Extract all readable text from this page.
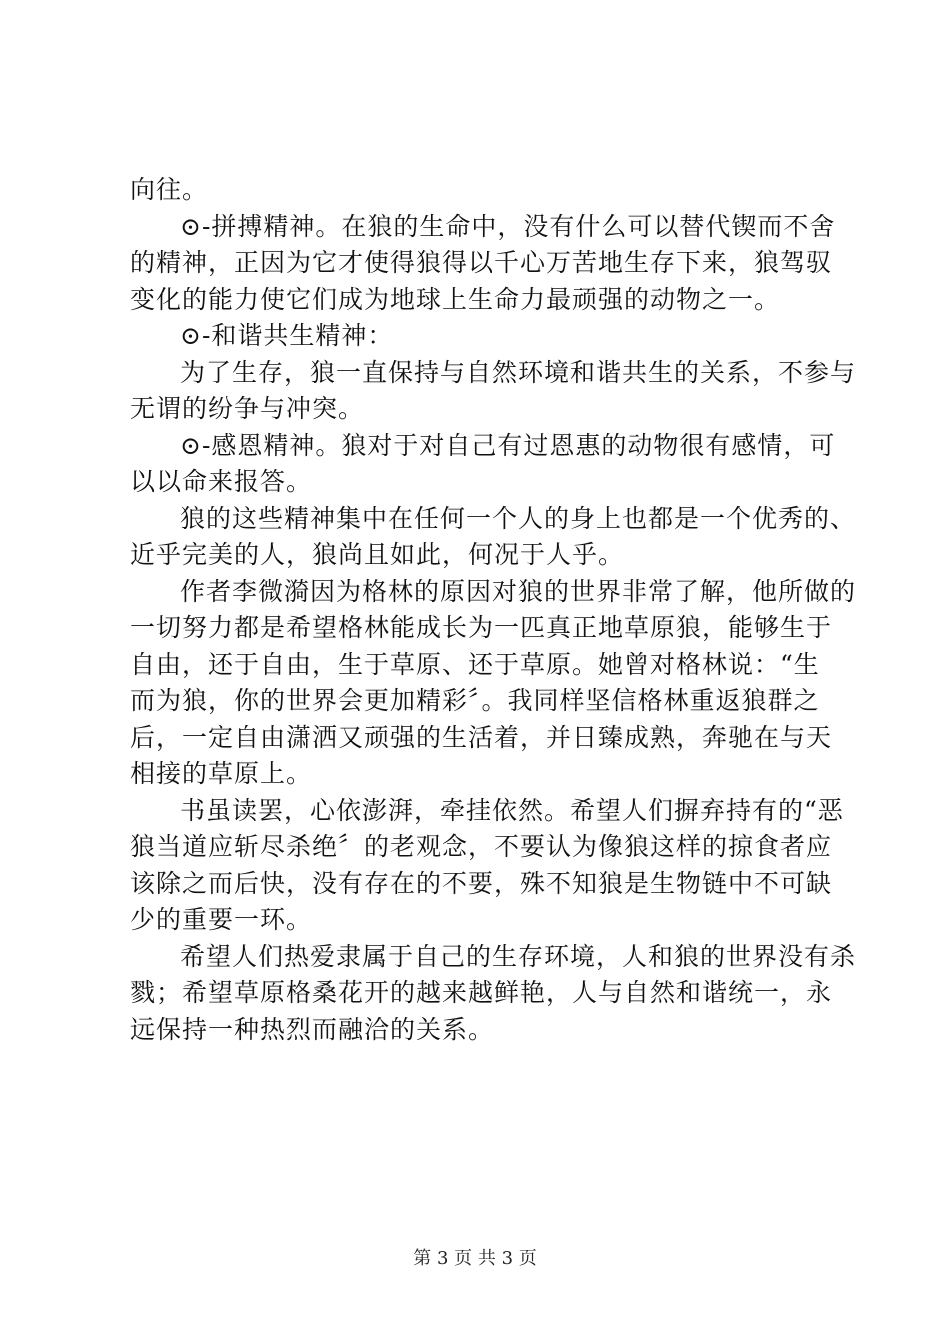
向往。
⊙-拼搏精神。在狼的生命中，没有什么可以替代锲而不舍
的精神，正因为它才使得狼得以千心万苦地生存下来，狼驾驭
变化的能力使它们成为地球上生命力最顽强的动物之一。
⊙-和谐共生精神：
为了生存，狼一直保持与自然环境和谐共生的关系，不参与
无谓的纷争与冲突。
⊙-感恩精神。狼对于对自己有过恩惠的动物很有感情，可
以以命来报答。
狼的这些精神集中在任何一个人的身上也都是一个优秀的、
近乎完美的人，狼尚且如此，何况于人乎。
作者李微漪因为格林的原因对狼的世界非常了解，他所做的
一切努力都是希望格林能成长为一匹真正地草原狼，能够生于
自由，还于自由，生于草原、还于草原。她曾对格林说：“生
而为狼，你的世界会更加精彩〞。我同样坚信格林重返狼群之
后，一定自由潇洒又顽强的生活着，并日臻成熟，奔驰在与天
相接的草原上。
书虽读罢，心依澎湃，牵挂依然。希望人们摒弃持有的“恶
狼当道应斩尽杀绝〞的老观念，不要认为像狼这样的掠食者应
该除之而后快，没有存在的不要，殊不知狼是生物链中不可缺
少的重要一环。
希望人们热爱隶属于自己的生存环境，人和狼的世界没有杀
戮；希望草原格桑花开的越来越鲜艳，人与自然和谐统一，永
远保持一种热烈而融洽的关系。
第 3 页 共 3 页
